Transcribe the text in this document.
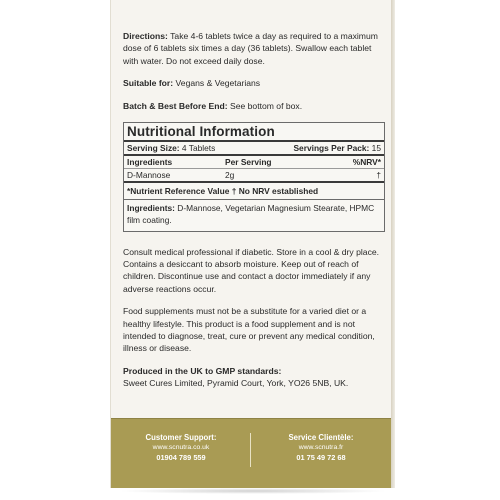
Directions: Take 4-6 tablets twice a day as required to a maximum dose of 6 tablets six times a day (36 tablets). Swallow each tablet with water. Do not exceed daily dose.

Suitable for: Vegans & Vegetarians

Batch & Best Before End: See bottom of box.

Nutritional Information
Serving Size:
4 Tablets	Servings Per Pack: 15
Ingredients	Per Serving	%NRV*
D-Mannose	2g	†
*Nutrient Reference Value † No NRV established
Ingredients: D-Mannose, Vegetarian Magnesium Stearate, HPMC film coating.

Consult medical professional if diabetic. Store in a cool & dry place. Contains a desiccant to absorb moisture. Keep out of reach of children. Discontinue use and contact a doctor immediately if any adverse reactions occur.

Food supplements must not be a substitute for a varied diet or a healthy lifestyle. This product is a food supplement and is not intended to diagnose, treat, cure or prevent any medical condition, illness or disease.

Produced in the UK to GMP standards:
Sweet Cures Limited, Pyramid Court, York, YO26 5NB, UK.

Customer Support:
www.scnutra.co.uk
01904 789 559
Service Clientèle:
www.scnutra.fr
01 75 49 72 68
